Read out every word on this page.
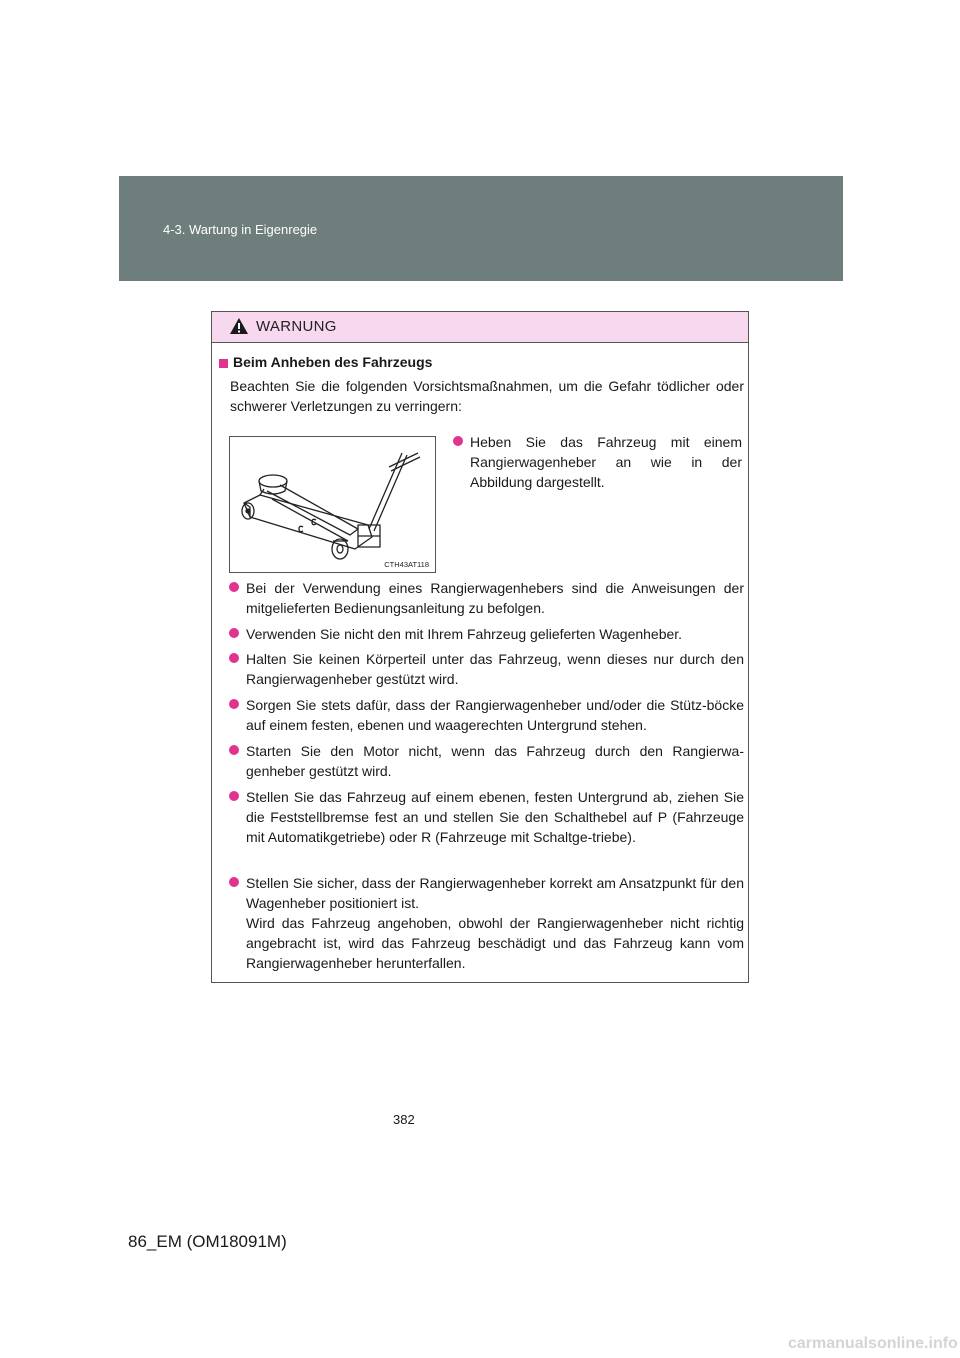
4-3. Wartung in Eigenregie
WARNUNG
Beim Anheben des Fahrzeugs

Beachten Sie die folgenden Vorsichtsmaßnahmen, um die Gefahr tödlicher oder schwerer Verletzungen zu verringern:

CTH43AT118

Heben Sie das Fahrzeug mit einem Rangierwagenheber an wie in der Abbildung dargestellt.

Bei der Verwendung eines Rangierwagenhebers sind die Anweisungen der mitgelieferten Bedienungsanleitung zu befolgen.

Verwenden Sie nicht den mit Ihrem Fahrzeug gelieferten Wagenheber.

Halten Sie keinen Körperteil unter das Fahrzeug, wenn dieses nur durch den Rangierwagenheber gestützt wird.

Sorgen Sie stets dafür, dass der Rangierwagenheber und/oder die Stütz-böcke auf einem festen, ebenen und waagerechten Untergrund stehen.

Starten Sie den Motor nicht, wenn das Fahrzeug durch den Rangierwa-genheber gestützt wird.

Stellen Sie das Fahrzeug auf einem ebenen, festen Untergrund ab, ziehen Sie die Feststellbremse fest an und stellen Sie den Schalthebel auf P (Fahrzeuge mit Automatikgetriebe) oder R (Fahrzeuge mit Schaltge-triebe).

Stellen Sie sicher, dass der Rangierwagenheber korrekt am Ansatzpunkt für den Wagenheber positioniert ist.

Wird das Fahrzeug angehoben, obwohl der Rangierwagenheber nicht richtig angebracht ist, wird das Fahrzeug beschädigt und das Fahrzeug kann vom Rangierwagenheber herunterfallen.

382
86_EM (OM18091M)
carmanualsonline.info
